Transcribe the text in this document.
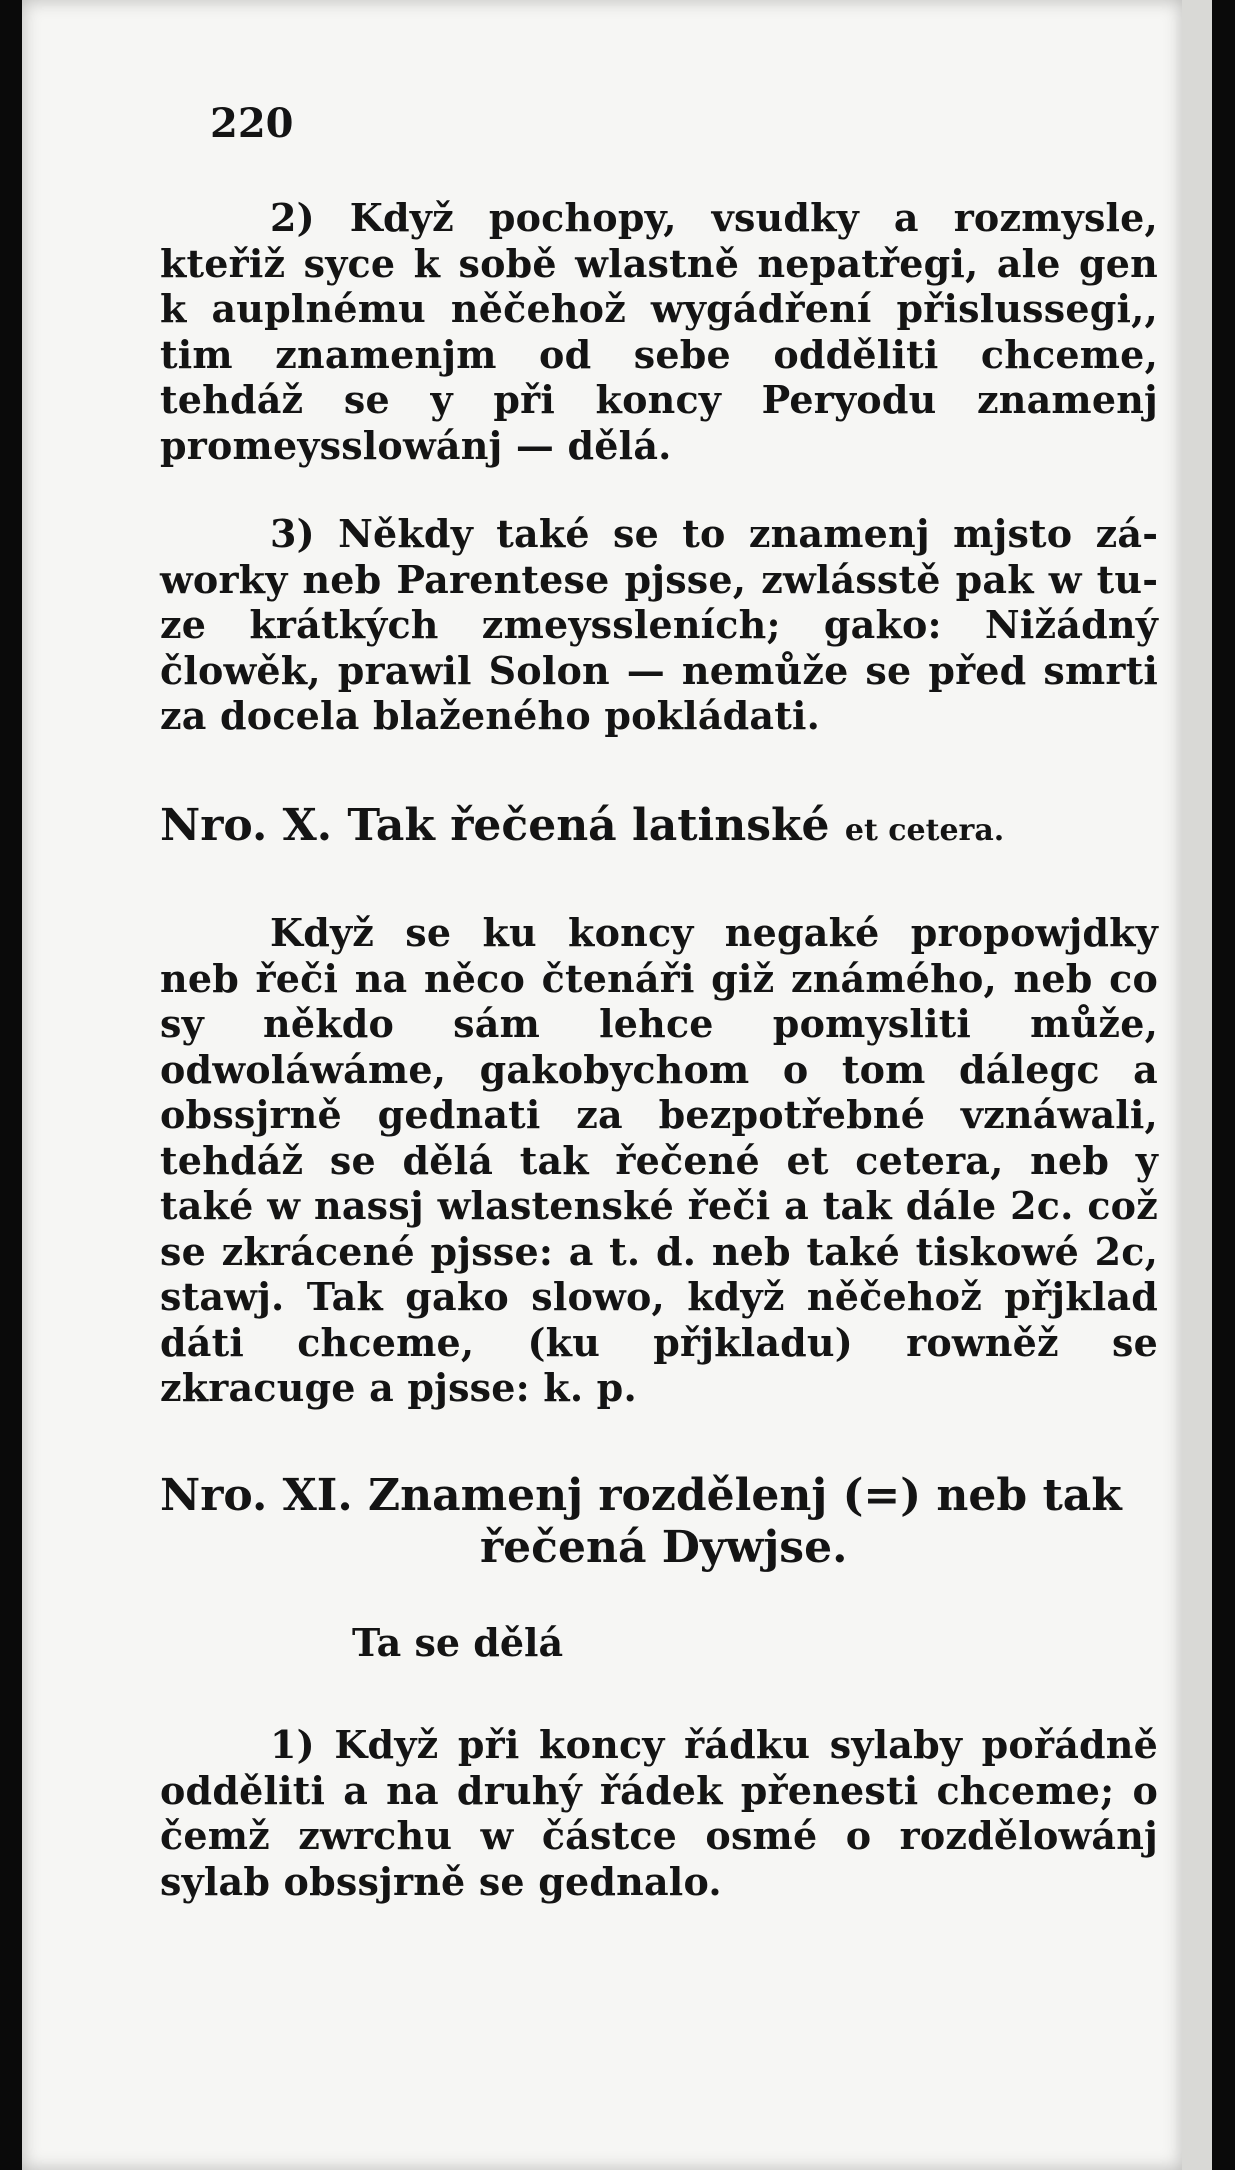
220

2) Když pochopy, vsudky a rozmysle, kteřiž syce k sobě wlastně nepatřegi, ale gen k auplnému něčehož wygádření přislussegi,, tim znamenjm od sebe odděliti chceme, tehdáž se y při koncy Peryodu znamenj promeysslowánj — dělá.

3) Někdy také se to znamenj mjsto záworky neb Parentese pjsse, zwlásstě pak w tuze krátkých zmeyssleních; gako: Nižádný člowěk, prawil Solon — nemůže se před smrti za docela blaženého pokládati.

Nro. X. Tak řečená latinské et cetera.

Když se ku koncy negaké propowjdky neb řeči na něco čtenáři giž známého, neb co sy někdo sám lehce pomysliti může, odwoláwáme, gakobychom o tom dálegc a obssjrně gednati za bezpotřebné vznáwali, tehdáž se dělá tak řečené et cetera, neb y také w nassj wlastenské řeči a tak dále 2c. což se zkrácené pjsse: a t. d. neb také tiskowé 2c, stawj. Tak gako slowo, když něčehož přjklad dáti chceme, (ku přjkladu) rowněž se zkracuge a pjsse: k. p.

Nro. XI. Znamenj rozdělenj (=) neb tak
řečená Dywjse.
Ta se dělá

1) Když při koncy řádku sylaby pořádně odděliti a na druhý řádek přenesti chceme; o čemž zwrchu w částce osmé o rozdělowánj sylab obssjrně se gednalo.
